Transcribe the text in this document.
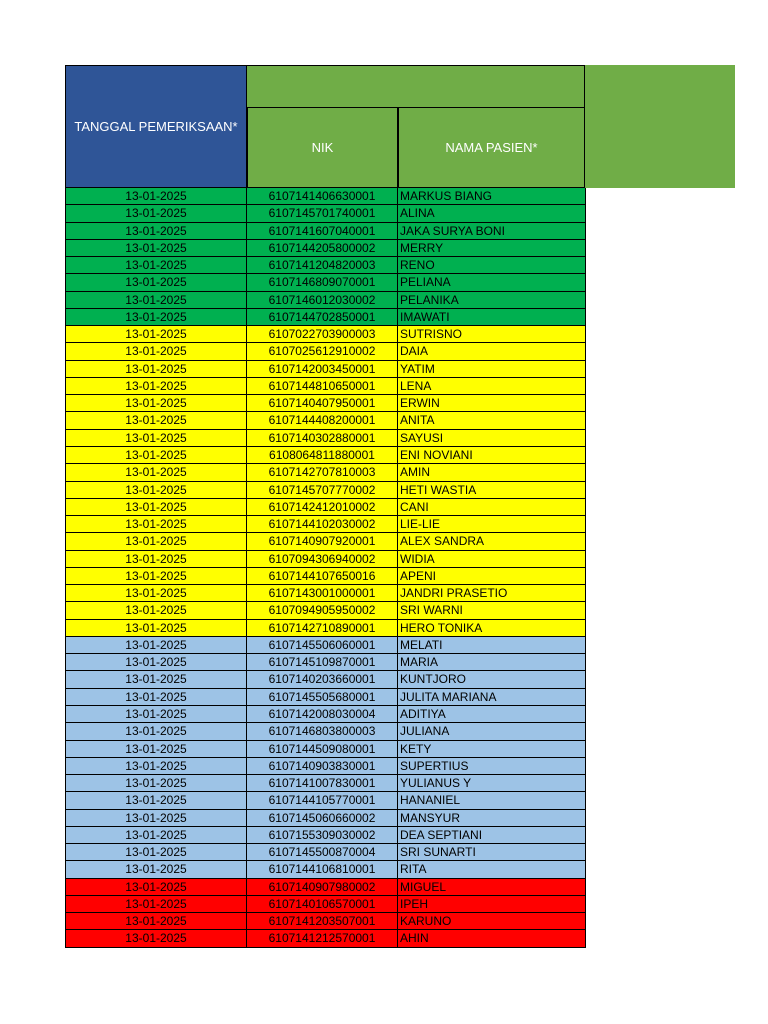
TANGGAL PEMERIKSAAN*
NIK	NAMA PASIEN*
13-01-2025	6107141406630001	MARKUS BIANG
13-01-2025	6107145701740001	ALINA
13-01-2025	6107141607040001	JAKA SURYA BONI
13-01-2025	6107144205800002	MERRY
13-01-2025	6107141204820003	RENO
13-01-2025	6107146809070001	PELIANA
13-01-2025	6107146012030002	PELANIKA
13-01-2025	6107144702850001	IMAWATI
13-01-2025	6107022703900003	SUTRISNO
13-01-2025	6107025612910002	DAIA
13-01-2025	6107142003450001	YATIM
13-01-2025	6107144810650001	LENA
13-01-2025	6107140407950001	ERWIN
13-01-2025	6107144408200001	ANITA
13-01-2025	6107140302880001	SAYUSI
13-01-2025	6108064811880001	ENI NOVIANI
13-01-2025	6107142707810003	AMIN
13-01-2025	6107145707770002	HETI WASTIA
13-01-2025	6107142412010002	CANI
13-01-2025	6107144102030002	LIE-LIE
13-01-2025	6107140907920001	ALEX SANDRA
13-01-2025	6107094306940002	WIDIA
13-01-2025	6107144107650016	APENI
13-01-2025	6107143001000001	JANDRI PRASETIO
13-01-2025	6107094905950002	SRI WARNI
13-01-2025	6107142710890001	HERO TONIKA
13-01-2025	6107145506060001	MELATI
13-01-2025	6107145109870001	MARIA
13-01-2025	6107140203660001	KUNTJORO
13-01-2025	6107145505680001	JULITA MARIANA
13-01-2025	6107142008030004	ADITIYA
13-01-2025	6107146803800003	JULIANA
13-01-2025	6107144509080001	KETY
13-01-2025	6107140903830001	SUPERTIUS
13-01-2025	6107141007830001	YULIANUS Y
13-01-2025	6107144105770001	HANANIEL
13-01-2025	6107145060660002	MANSYUR
13-01-2025	6107155309030002	DEA SEPTIANI
13-01-2025	6107145500870004	SRI SUNARTI
13-01-2025	6107144106810001	RITA
13-01-2025	6107140907980002	MIGUEL
13-01-2025	6107140106570001	IPEH
13-01-2025	6107141203507001	KARUNO
13-01-2025	6107141212570001	AHIN
